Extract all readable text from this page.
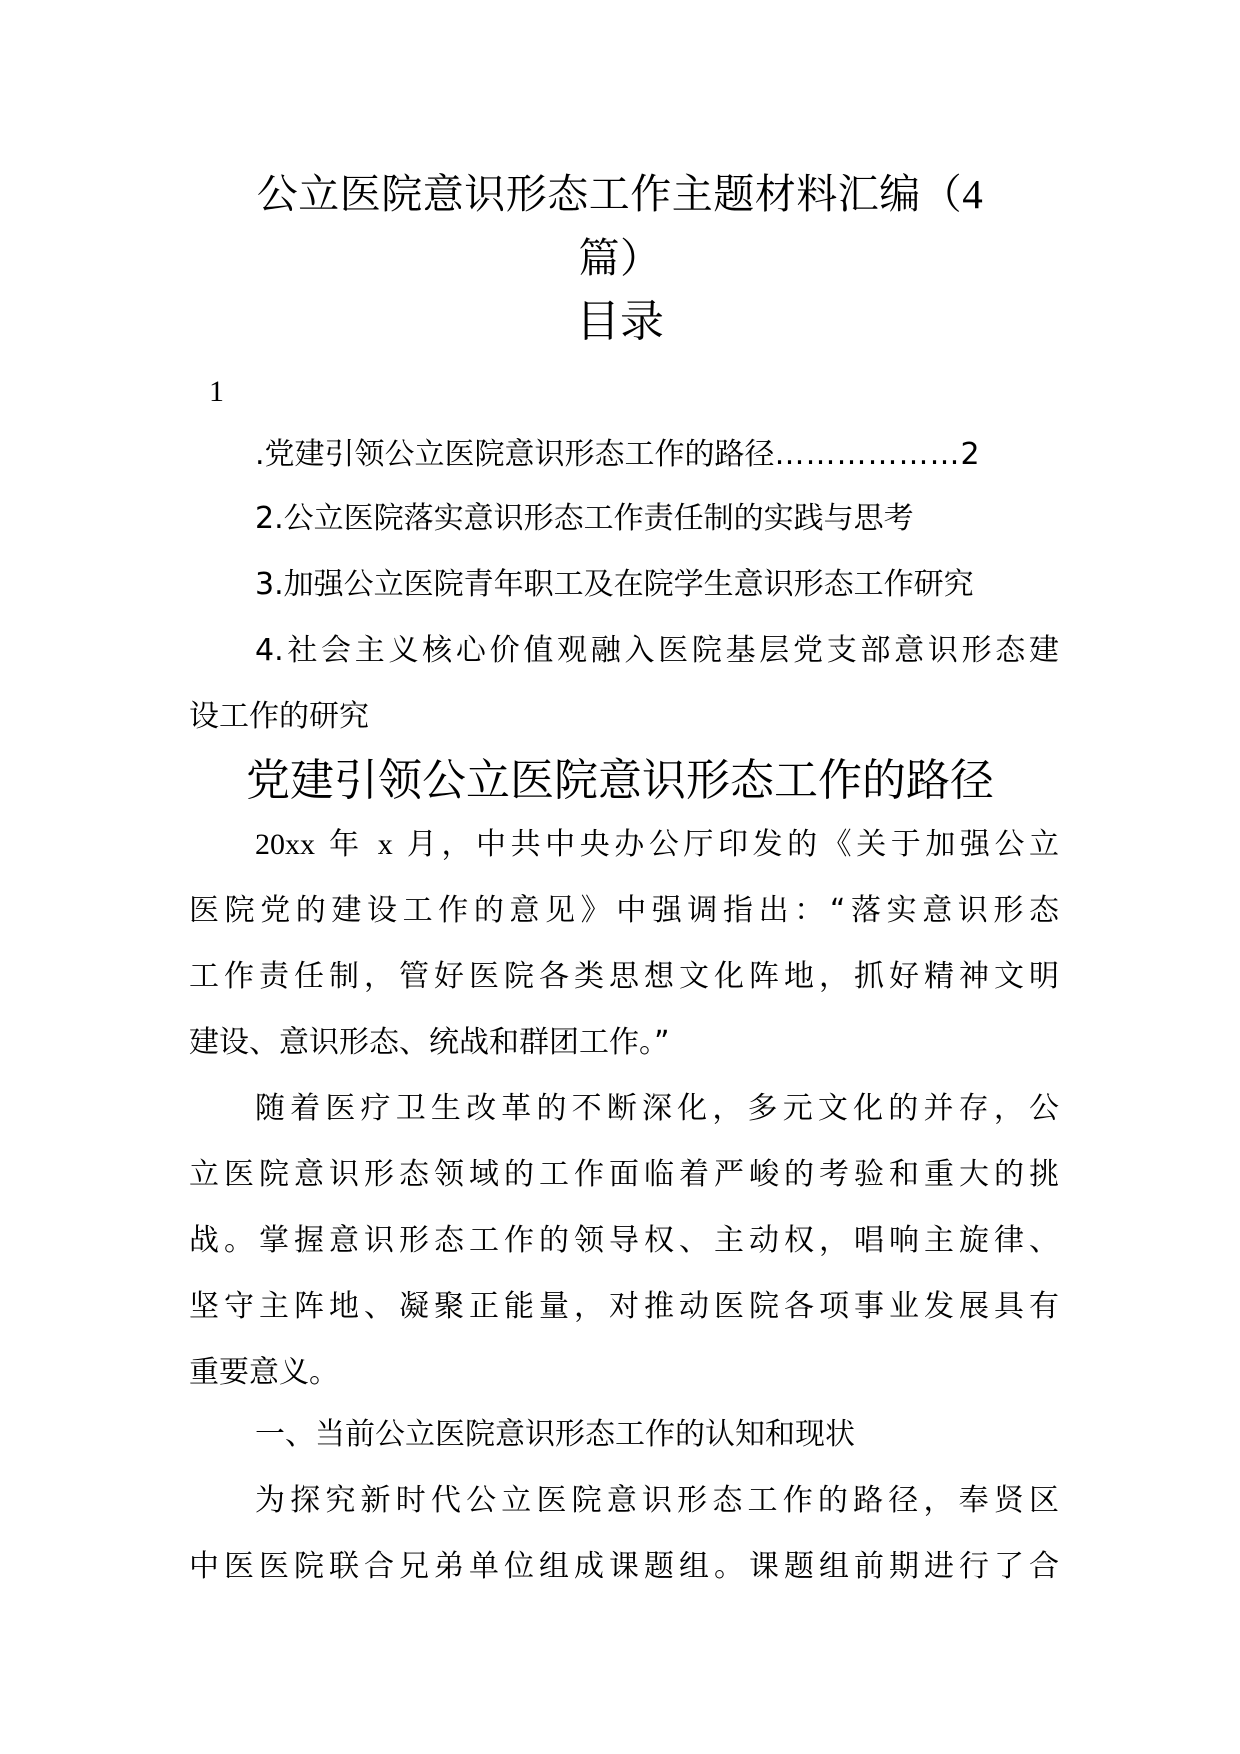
公立医院意识形态工作主题材料汇编（4
篇）
目录
1
.党建引领公立医院意识形态工作的路径………………2
2.公立医院落实意识形态工作责任制的实践与思考
3.加强公立医院青年职工及在院学生意识形态工作研究
4.社会主义核心价值观融入医院基层党支部意识形态建
设工作的研究
党建引领公立医院意识形态工作的路径
20xx 年 x 月，中共中央办公厅印发的《关于加强公立
医院党的建设工作的意见》中强调指出：“落实意识形态
工作责任制，管好医院各类思想文化阵地，抓好精神文明
建设、意识形态、统战和群团工作。”
随着医疗卫生改革的不断深化，多元文化的并存，公
立医院意识形态领域的工作面临着严峻的考验和重大的挑
战。掌握意识形态工作的领导权、主动权，唱响主旋律、
坚守主阵地、凝聚正能量，对推动医院各项事业发展具有
重要意义。
一、当前公立医院意识形态工作的认知和现状
为探究新时代公立医院意识形态工作的路径，奉贤区
中医医院联合兄弟单位组成课题组。课题组前期进行了合
